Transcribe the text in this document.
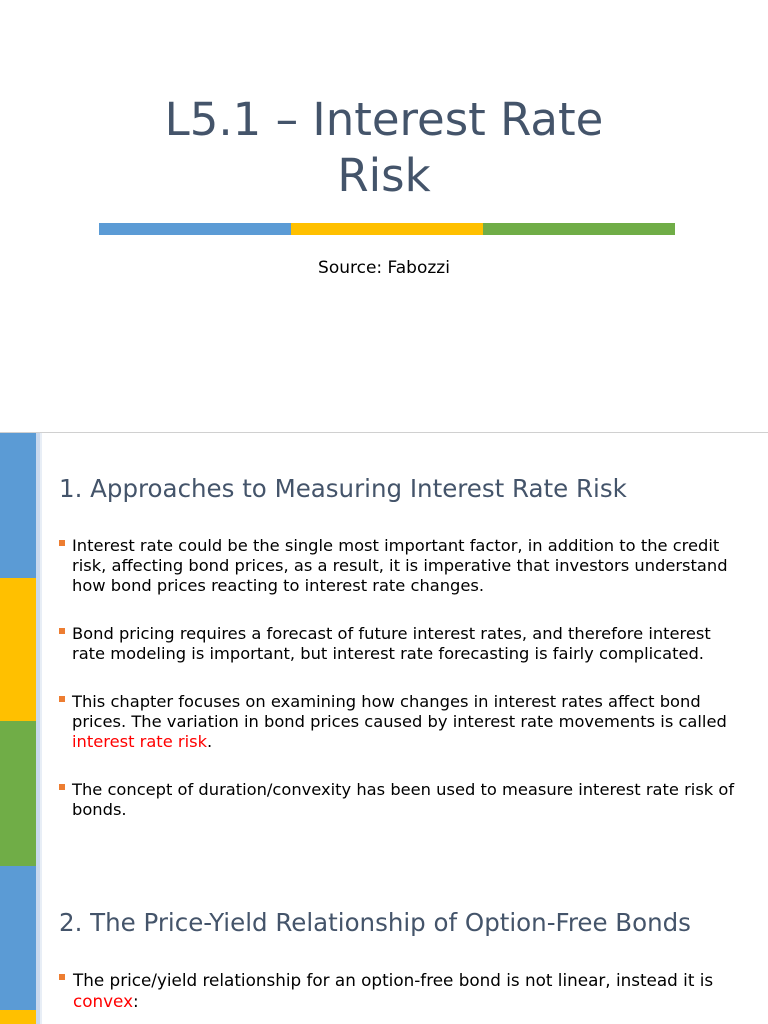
L5.1 – Interest Rate
Risk
Source: Fabozzi
1. Approaches to Measuring Interest Rate Risk
Interest rate could be the single most important factor, in addition to the credit risk, affecting bond prices, as a result, it is imperative that investors understand how bond prices reacting to interest rate changes.
Bond pricing requires a forecast of future interest rates, and therefore interest rate modeling is important, but interest rate forecasting is fairly complicated.
This chapter focuses on examining how changes in interest rates affect bond prices. The variation in bond prices caused by interest rate movements is called interest rate risk.
The concept of duration/convexity has been used to measure interest rate risk of bonds.
2. The Price-Yield Relationship of Option-Free Bonds
The price/yield relationship for an option-free bond is not linear, instead it is convex:
